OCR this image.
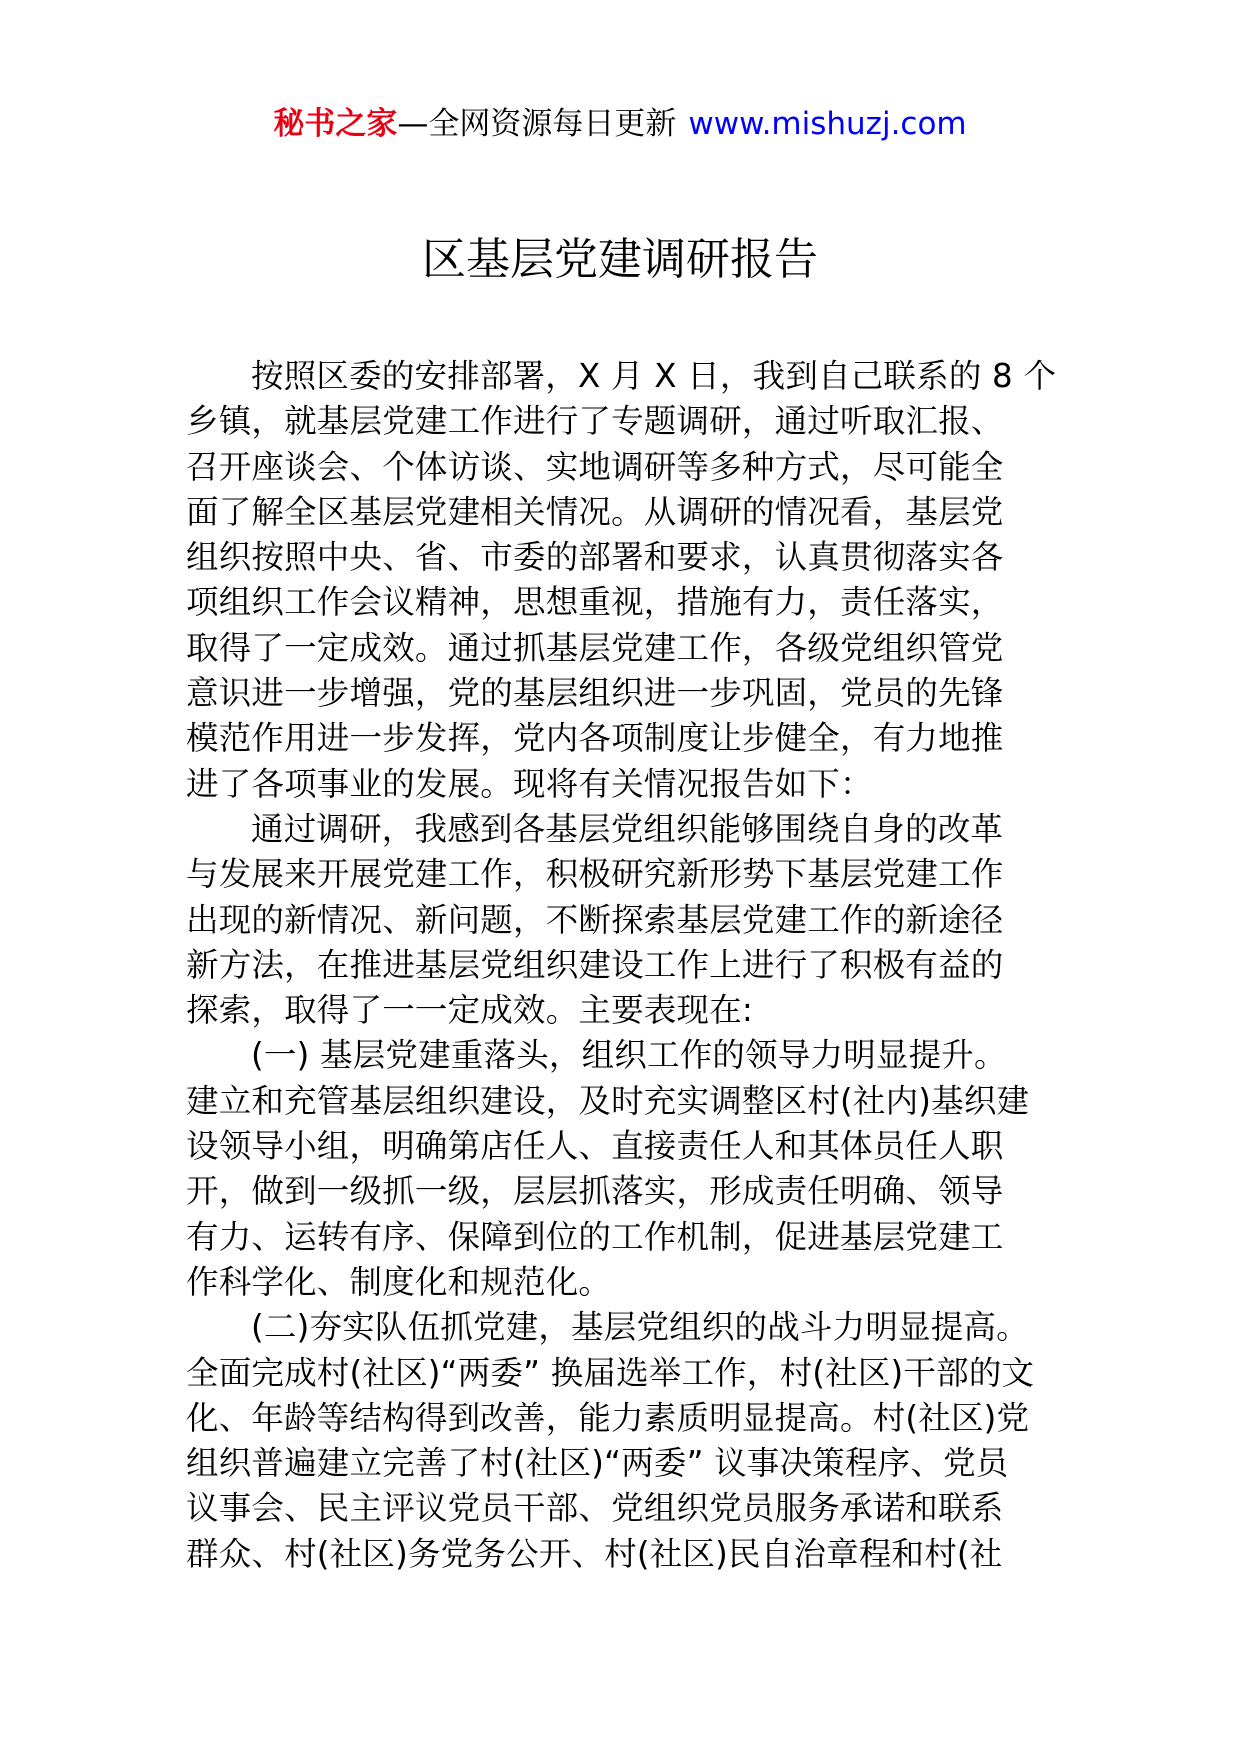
秘书之家—全网资源每日更新 www.mishuzj.com
区基层党建调研报告
按照区委的安排部署，X 月 X 日，我到自己联系的 8 个
乡镇，就基层党建工作进行了专题调研，通过听取汇报、
召开座谈会、个体访谈、实地调研等多种方式，尽可能全
面了解全区基层党建相关情况。从调研的情况看，基层党
组织按照中央、省、市委的部署和要求，认真贯彻落实各
项组织工作会议精神，思想重视，措施有力，责任落实，
取得了一定成效。通过抓基层党建工作，各级党组织管党
意识进一步增强，党的基层组织进一步巩固，党员的先锋
模范作用进一步发挥，党内各项制度让步健全，有力地推
进了各项事业的发展。现将有关情况报告如下：
通过调研，我感到各基层党组织能够围绕自身的改革
与发展来开展党建工作，积极研究新形势下基层党建工作
出现的新情况、新问题，不断探索基层党建工作的新途径
新方法，在推进基层党组织建设工作上进行了积极有益的
探索，取得了一一定成效。主要表现在:
(一) 基层党建重落头，组织工作的领导力明显提升。
建立和充管基层组织建设，及时充实调整区村(社内)基织建
设领导小组，明确第店任人、直接责任人和其体员任人职
开，做到一级抓一级，层层抓落实，形成责任明确、领导
有力、运转有序、保障到位的工作机制，促进基层党建工
作科学化、制度化和规范化。
(二)夯实队伍抓党建，基层党组织的战斗力明显提高。
全面完成村(社区)“两委” 换届选举工作，村(社区)干部的文
化、年龄等结构得到改善，能力素质明显提高。村(社区)党
组织普遍建立完善了村(社区)“两委” 议事决策程序、党员
议事会、民主评议党员干部、党组织党员服务承诺和联系
群众、村(社区)务党务公开、村(社区)民自治章程和村(社
